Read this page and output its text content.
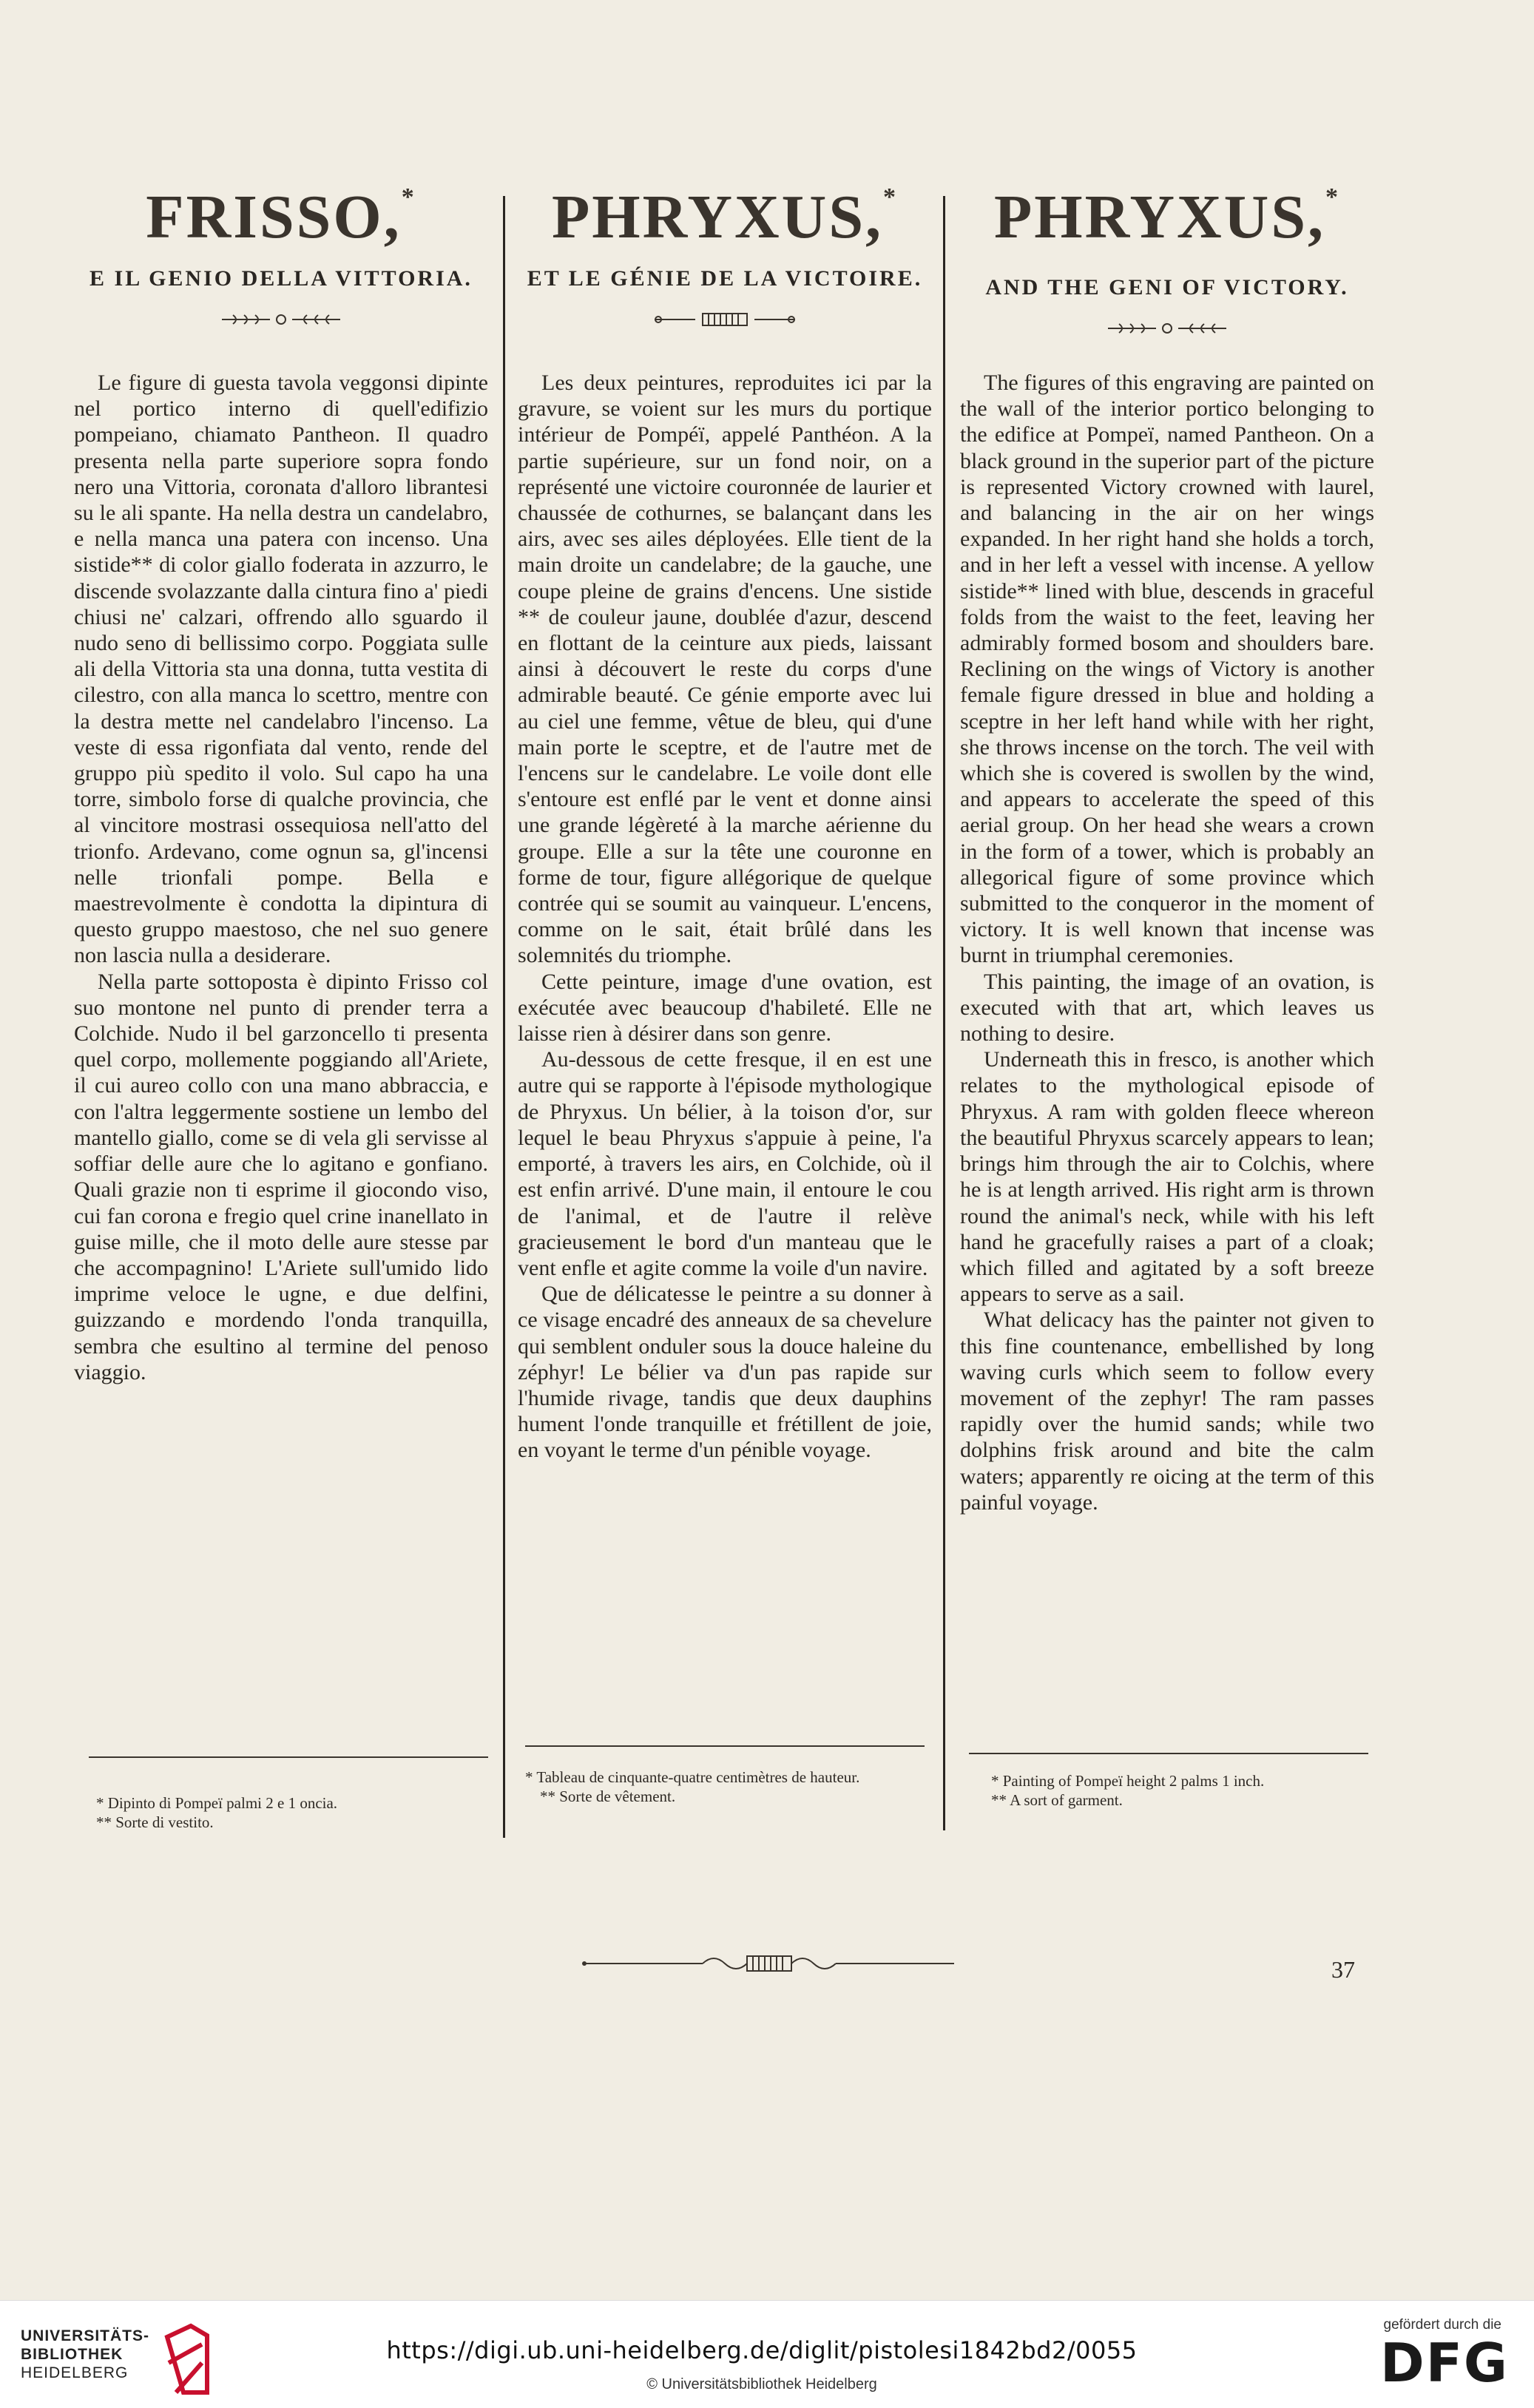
FRISSO,*
E IL GENIO DELLA VITTORIA.

Le figure di guesta tavola veggonsi dipinte nel portico interno di quell'edifizio pompeiano, chiamato Pantheon. Il quadro presenta nella parte superiore sopra fondo nero una Vittoria, coronata d'alloro librantesi su le ali spante. Ha nella destra un candelabro, e nella manca una patera con incenso. Una sistide** di color giallo foderata in azzurro, le discende svolazzante dalla cintura fino a' piedi chiusi ne' calzari, offrendo allo sguardo il nudo seno di bellissimo corpo. Poggiata sulle ali della Vittoria sta una donna, tutta vestita di cilestro, con alla manca lo scettro, mentre con la destra mette nel candelabro l'incenso. La veste di essa rigonfiata dal vento, rende del gruppo più spedito il volo. Sul capo ha una torre, simbolo forse di qualche provincia, che al vincitore mostrasi ossequiosa nell'atto del trionfo. Ardevano, come ognun sa, gl'incensi nelle trionfali pompe. Bella e maestrevolmente è condotta la dipintura di questo gruppo maestoso, che nel suo genere non lascia nulla a desiderare.

Nella parte sottoposta è dipinto Frisso col suo montone nel punto di prender terra a Colchide. Nudo il bel garzoncello ti presenta quel corpo, mollemente poggiando all'Ariete, il cui aureo collo con una mano abbraccia, e con l'altra leggermente sostiene un lembo del mantello giallo, come se di vela gli servisse al soffiar delle aure che lo agitano e gonfiano. Quali grazie non ti esprime il giocondo viso, cui fan corona e fregio quel crine inanellato in guise mille, che il moto delle aure stesse par che accompagnino! L'Ariete sull'umido lido imprime veloce le ugne, e due delfini, guizzando e mordendo l'onda tranquilla, sembra che esultino al termine del penoso viaggio.

PHRYXUS,*
ET LE GÉNIE DE LA VICTOIRE.

Les deux peintures, reproduites ici par la gravure, se voient sur les murs du portique intérieur de Pompéï, appelé Panthéon. A la partie supérieure, sur un fond noir, on a représenté une victoire couronnée de laurier et chaussée de cothurnes, se balançant dans les airs, avec ses ailes déployées. Elle tient de la main droite un candelabre; de la gauche, une coupe pleine de grains d'encens. Une sistide ** de couleur jaune, doublée d'azur, descend en flottant de la ceinture aux pieds, laissant ainsi à découvert le reste du corps d'une admirable beauté. Ce génie emporte avec lui au ciel une femme, vêtue de bleu, qui d'une main porte le sceptre, et de l'autre met de l'encens sur le candelabre. Le voile dont elle s'entoure est enflé par le vent et donne ainsi une grande légèreté à la marche aérienne du groupe. Elle a sur la tête une couronne en forme de tour, figure allégorique de quelque contrée qui se soumit au vainqueur. L'encens, comme on le sait, était brûlé dans les solemnités du triomphe.

Cette peinture, image d'une ovation, est exécutée avec beaucoup d'habileté. Elle ne laisse rien à désirer dans son genre.

Au-dessous de cette fresque, il en est une autre qui se rapporte à l'épisode mythologique de Phryxus. Un bélier, à la toison d'or, sur lequel le beau Phryxus s'appuie à peine, l'a emporté, à travers les airs, en Colchide, où il est enfin arrivé. D'une main, il entoure le cou de l'animal, et de l'autre il relève gracieusement le bord d'un manteau que le vent enfle et agite comme la voile d'un navire.

Que de délicatesse le peintre a su donner à ce visage encadré des anneaux de sa chevelure qui semblent onduler sous la douce haleine du zéphyr! Le bélier va d'un pas rapide sur l'humide rivage, tandis que deux dauphins hument l'onde tranquille et frétillent de joie, en voyant le terme d'un pénible voyage.

PHRYXUS,*
AND THE GENI OF VICTORY.

The figures of this engraving are painted on the wall of the interior portico belonging to the edifice at Pompeï, named Pantheon. On a black ground in the superior part of the picture is represented Victory crowned with laurel, and balancing in the air on her wings expanded. In her right hand she holds a torch, and in her left a vessel with incense. A yellow sistide** lined with blue, descends in graceful folds from the waist to the feet, leaving her admirably formed bosom and shoulders bare. Reclining on the wings of Victory is another female figure dressed in blue and holding a sceptre in her left hand while with her right, she throws incense on the torch. The veil with which she is covered is swollen by the wind, and appears to accelerate the speed of this aerial group. On her head she wears a crown in the form of a tower, which is probably an allegorical figure of some province which submitted to the conqueror in the moment of victory. It is well known that incense was burnt in triumphal ceremonies.

This painting, the image of an ovation, is executed with that art, which leaves us nothing to desire.

Underneath this in fresco, is another which relates to the mythological episode of Phryxus. A ram with golden fleece whereon the beautiful Phryxus scarcely appears to lean; brings him through the air to Colchis, where he is at length arrived. His right arm is thrown round the animal's neck, while with his left hand he gracefully raises a part of a cloak; which filled and agitated by a soft breeze appears to serve as a sail.

What delicacy has the painter not given to this fine countenance, embellished by long waving curls which seem to follow every movement of the zephyr! The ram passes rapidly over the humid sands; while two dolphins frisk around and bite the calm waters; apparently re oicing at the term of this painful voyage.

* Dipinto di Pompeï palmi 2 e 1 oncia.
** Sorte di vestito.
* Tableau de cinquante-quatre centimètres de hauteur.
** Sorte de vêtement.
* Painting of Pompeï height 2 palms 1 inch.
** A sort of garment.
37
UNIVERSITÄTS-
BIBLIOTHEK
HEIDELBERG
https://digi.ub.uni-heidelberg.de/diglit/pistolesi1842bd2/0055
© Universitätsbibliothek Heidelberg
gefördert durch die
DFG
